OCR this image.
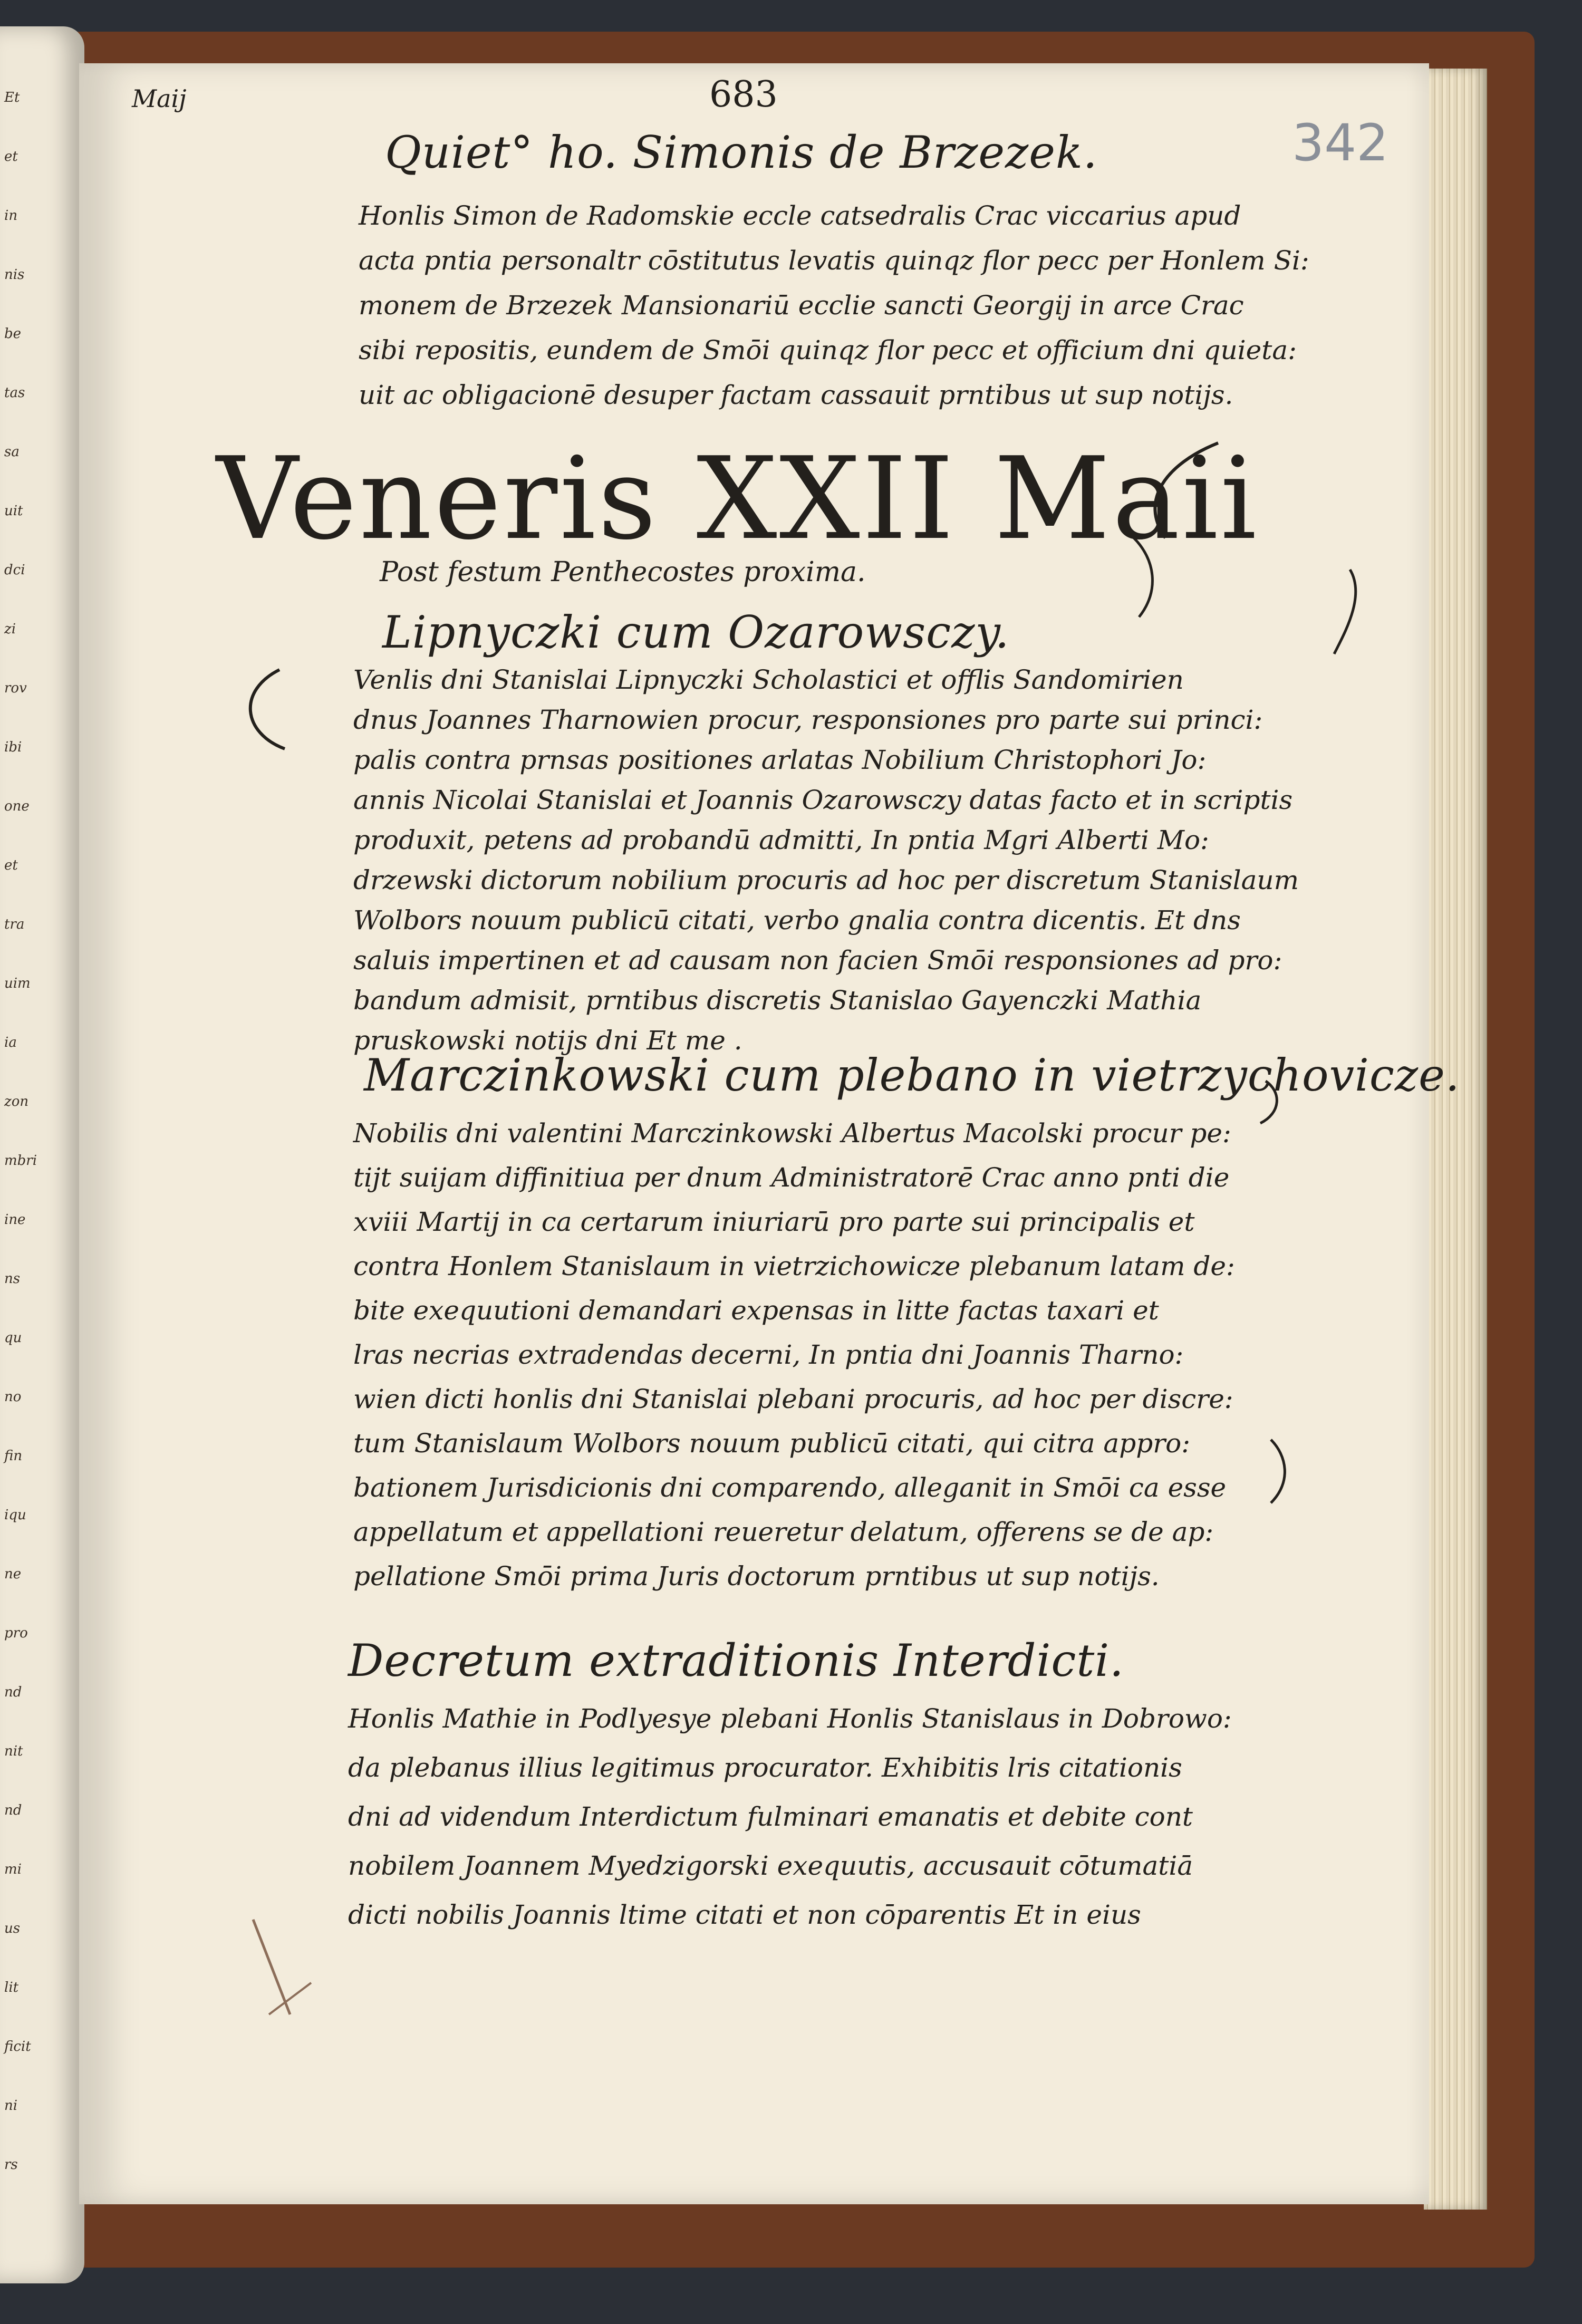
Et
et
in
nis
be
tas
sa
uit
dci
zi
rov
ibi
one
et
tra
uim
ia
zon
mbri
ine
ns
qu
no
fin
iqu
ne
pro
nd
nit
nd
mi
us
lit
ficit
ni
rs
Maij	683
342
Quiet° ho. Simonis de Brzezek.
Honlis Simon de Radomskie eccle catsedralis Crac viccarius apud
acta pntia personaltr cōstitutus levatis quinqz flor pecc per Honlem Si:
monem de Brzezek Mansionariū ecclie sancti Georgij in arce Crac
sibi repositis, eundem de Smōi quinqz flor pecc et officium dni quieta:
uit ac obligacionē desuper factam cassauit prntibus ut sup notijs.
Veneris XXII Maii
Post festum Penthecostes proxima.
Lipnyczki cum Ozarowsczy.
Venlis dni Stanislai Lipnyczki Scholastici et offlis Sandomirien
dnus Joannes Tharnowien procur, responsiones pro parte sui princi:
palis contra prnsas positiones arlatas Nobilium Christophori Jo:
annis Nicolai Stanislai et Joannis Ozarowsczy datas facto et in scriptis
produxit, petens ad probandū admitti, In pntia Mgri Alberti Mo:
drzewski dictorum nobilium procuris ad hoc per discretum Stanislaum
Wolbors nouum publicū citati, verbo gnalia contra dicentis. Et dns
saluis impertinen et ad causam non facien Smōi responsiones ad pro:
bandum admisit, prntibus discretis Stanislao Gayenczki Mathia
pruskowski notijs dni Et me .
Marczinkowski cum plebano in vietrzychovicze.
Nobilis dni valentini Marczinkowski Albertus Macolski procur pe:
tijt suijam diffinitiua per dnum Administratorē Crac anno pnti die
xviii Martij in ca certarum iniuriarū pro parte sui principalis et
contra Honlem Stanislaum in vietrzichowicze plebanum latam de:
bite exequutioni demandari expensas in litte factas taxari et
lras necrias extradendas decerni, In pntia dni Joannis Tharno:
wien dicti honlis dni Stanislai plebani procuris, ad hoc per discre:
tum Stanislaum Wolbors nouum publicū citati, qui citra appro:
bationem Jurisdicionis dni comparendo, alleganit in Smōi ca esse
appellatum et appellationi reueretur delatum, offerens se de ap:
pellatione Smōi prima Juris doctorum prntibus ut sup notijs.
Decretum extraditionis Interdicti.
Honlis Mathie in Podlyesye plebani Honlis Stanislaus in Dobrowo:
da plebanus illius legitimus procurator. Exhibitis lris citationis
dni ad videndum Interdictum fulminari emanatis et debite cont
nobilem Joannem Myedzigorski exequutis, accusauit cōtumatiā
dicti nobilis Joannis ltime citati et non cōparentis Et in eius
